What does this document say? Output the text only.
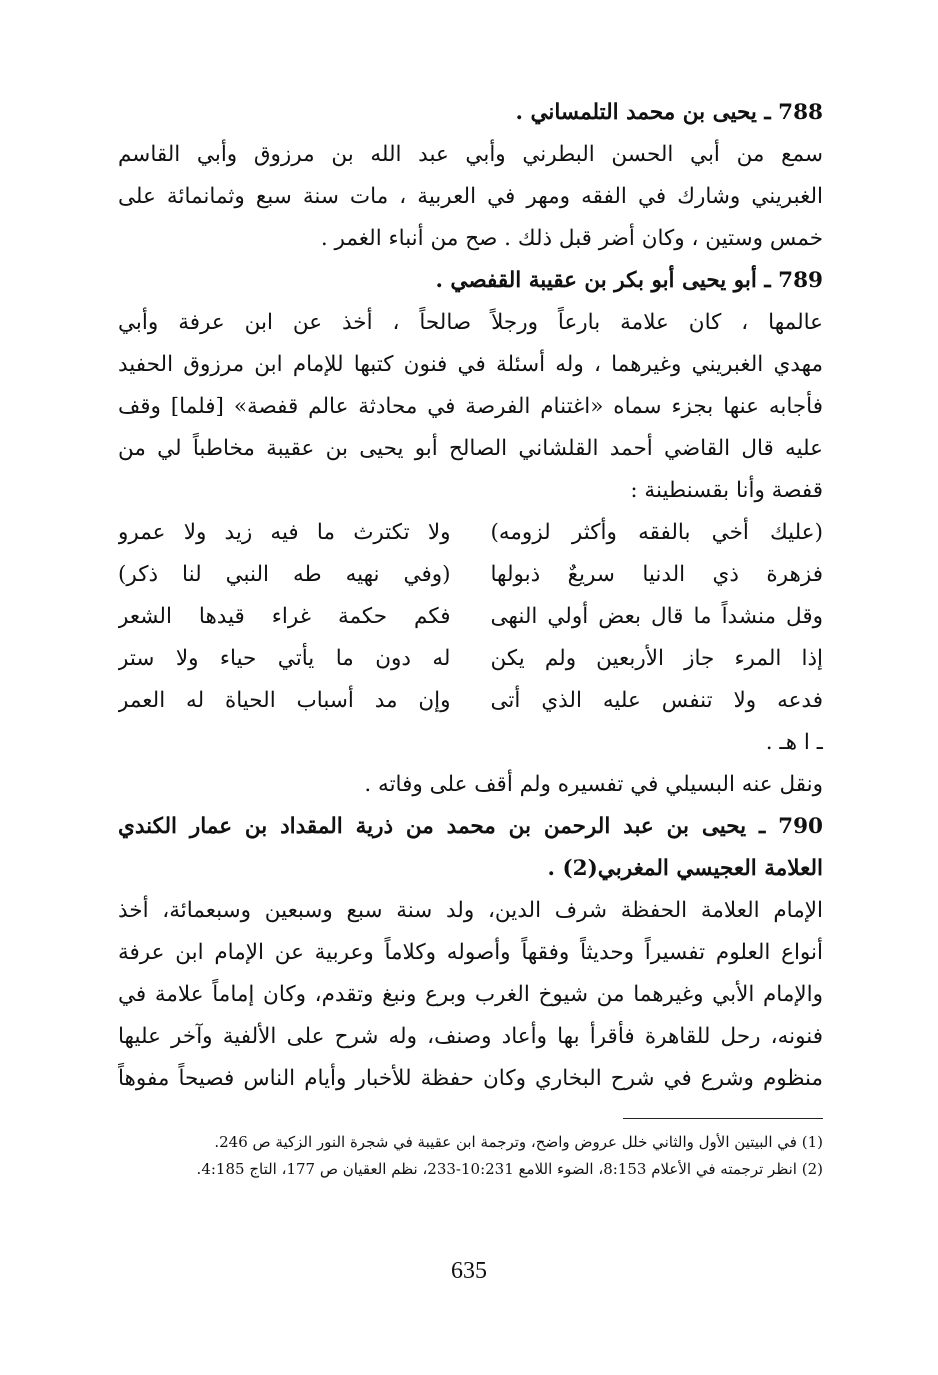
788 ـ يحيى بن محمد التلمساني .
سمع من أبي الحسن البطرني وأبي عبد الله بن مرزوق وأبي القاسم
الغبريني وشارك في الفقه ومهر في العربية ، مات سنة سبع وثمانمائة على
خمس وستين ، وكان أضر قبل ذلك . صح من أنباء الغمر .
789 ـ أبو يحيى أبو بكر بن عقيبة القفصي .
عالمها ، كان علامة بارعاً ورجلاً صالحاً ، أخذ عن ابن عرفة وأبي
مهدي الغبريني وغيرهما ، وله أسئلة في فنون كتبها للإمام ابن مرزوق الحفيد
فأجابه عنها بجزء سماه «اغتنام الفرصة في محادثة عالم قفصة» [فلما] وقف
عليه قال القاضي أحمد القلشاني الصالح أبو يحيى بن عقيبة مخاطباً لي من
قفصة وأنا بقسنطينة :
(عليك أخي بالفقه وأكثر لزومه)
ولا تكترث ما فيه زيد ولا عمرو
فزهرة ذي الدنيا سريعٌ ذبولها
(وفي نهيه طه النبي لنا ذكر)
وقل منشداً ما قال بعض أولي النهى
فكم حكمة غراء قيدها الشعر
إذا المرء جاز الأربعين ولم يكن
له دون ما يأتي حياء ولا ستر
فدعه ولا تنفس عليه الذي أتى
وإن مد أسباب الحياة له العمر
ـ ا هـ .
ونقل عنه البسيلي في تفسيره ولم أقف على وفاته .
790 ـ يحيى بن عبد الرحمن بن محمد من ذرية المقداد بن عمار الكندي
العلامة العجيسي المغربي(2) .
الإمام العلامة الحفظة شرف الدين، ولد سنة سبع وسبعين وسبعمائة، أخذ
أنواع العلوم تفسيراً وحديثاً وفقهاً وأصوله وكلاماً وعربية عن الإمام ابن عرفة
والإمام الأبي وغيرهما من شيوخ الغرب وبرع ونبغ وتقدم، وكان إماماً علامة في
فنونه، رحل للقاهرة فأقرأ بها وأعاد وصنف، وله شرح على الألفية وآخر عليها
منظوم وشرع في شرح البخاري وكان حفظة للأخبار وأيام الناس فصيحاً مفوهاً
(1) في البيتين الأول والثاني خلل عروض واضح، وترجمة ابن عقيبة في شجرة النور الزكية ص 246.
(2) انظر ترجمته في الأعلام 8:153، الضوء اللامع 10:231-233، نظم العقيان ص 177، التاج 4:185.
635
